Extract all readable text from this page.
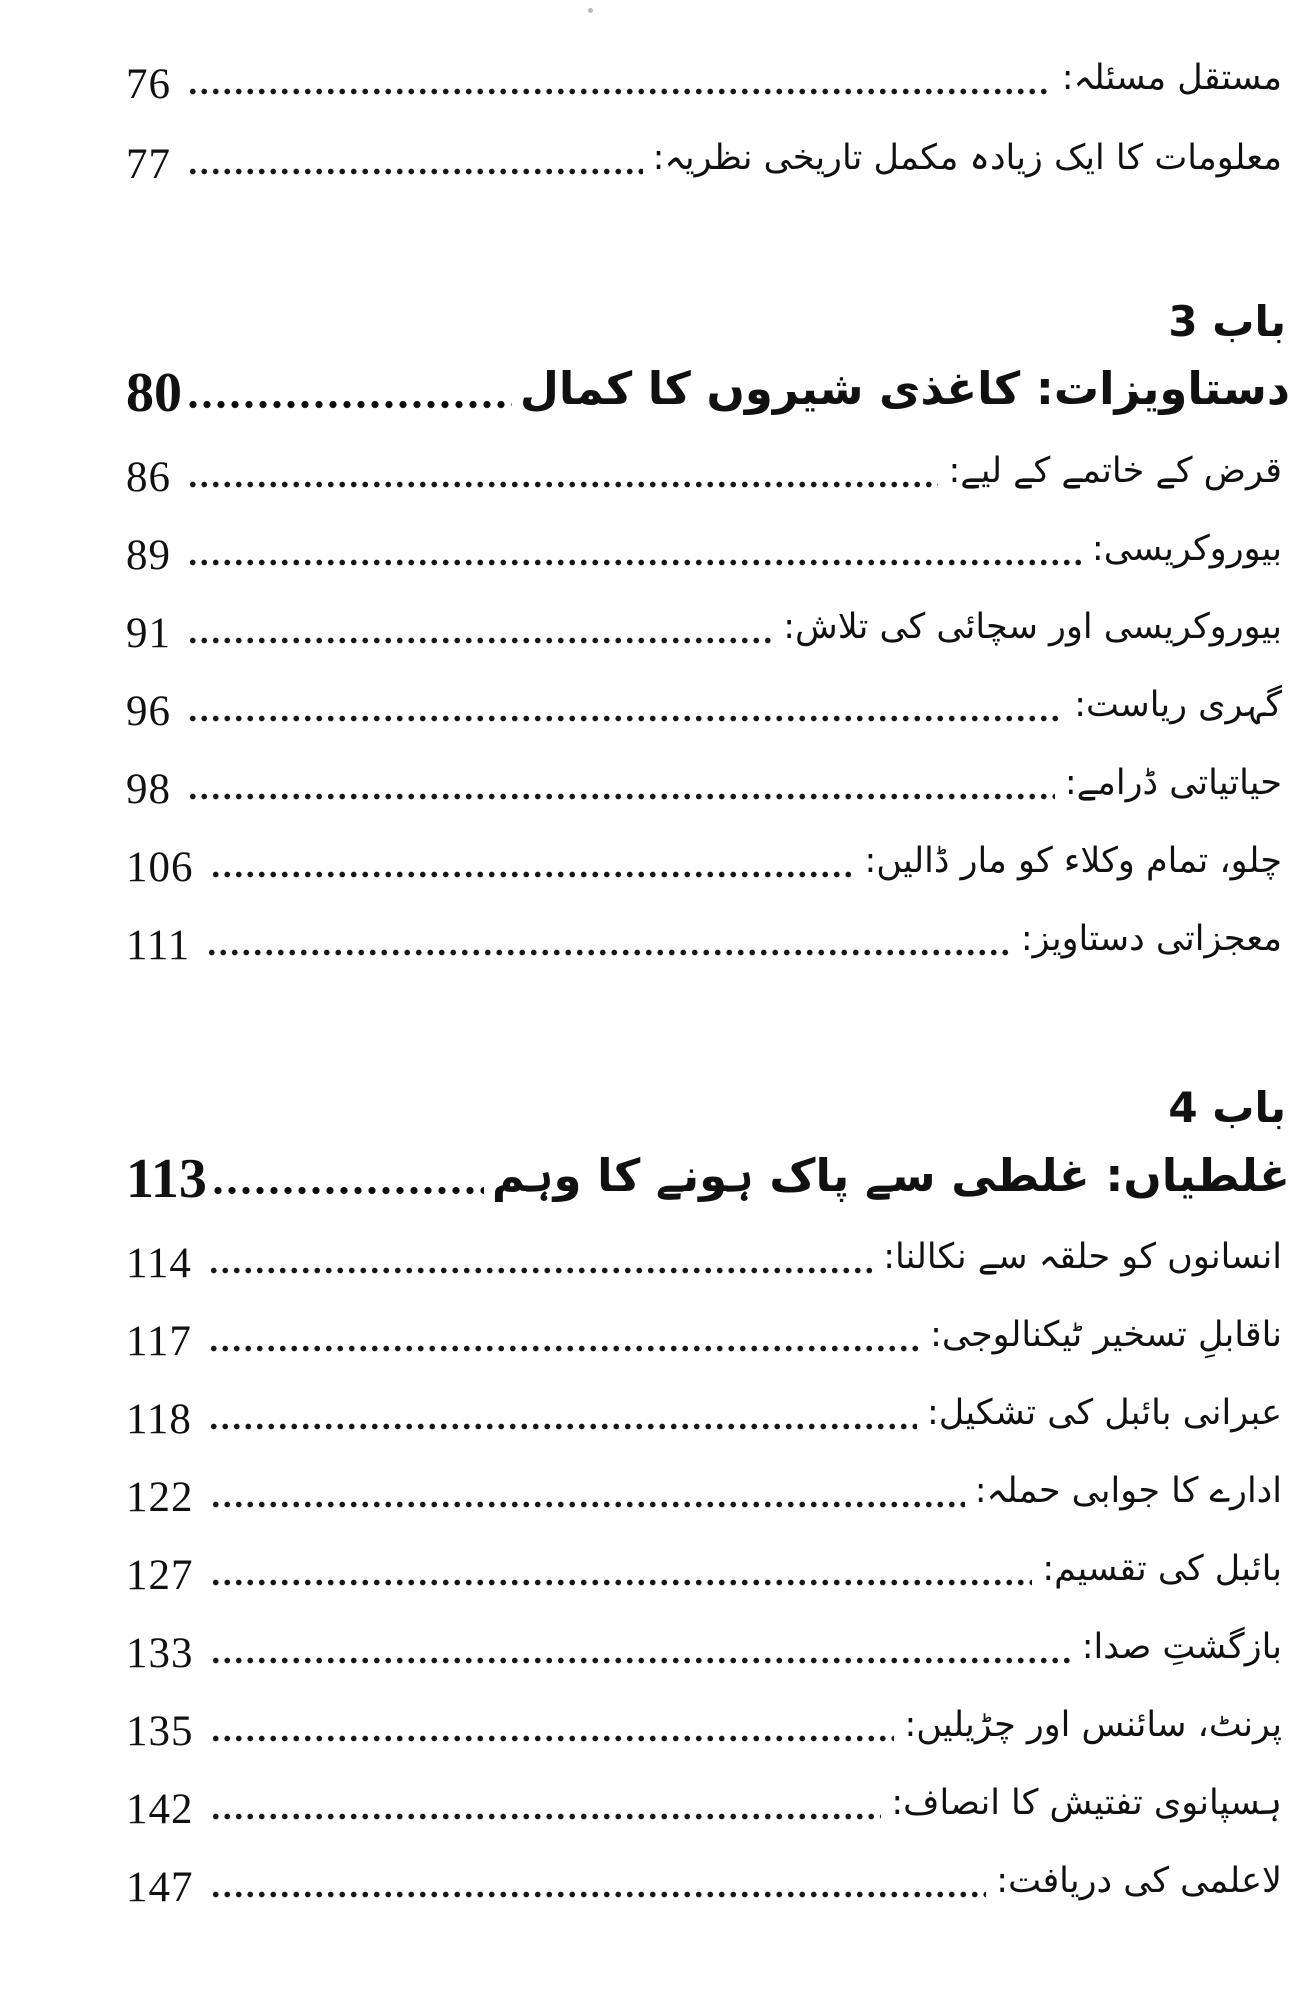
76	مستقل مسئلہ:
77	معلومات کا ایک زیادہ مکمل تاریخی نظریہ:
باب 3
80	دستاویزات: کاغذی شیروں کا کمال
86	قرض کے خاتمے کے لیے:
89	بیوروکریسی:
91	بیوروکریسی اور سچائی کی تلاش:
96	گہری ریاست:
98	حیاتیاتی ڈرامے:
106	چلو، تمام وکلاء کو مار ڈالیں:
111	معجزاتی دستاویز:
باب 4
113	غلطیاں: غلطی سے پاک ہونے کا وہم
114	انسانوں کو حلقہ سے نکالنا:
117	ناقابلِ تسخیر ٹیکنالوجی:
118	عبرانی بائبل کی تشکیل:
122	ادارے کا جوابی حملہ:
127	بائبل کی تقسیم:
133	بازگشتِ صدا:
135	پرنٹ، سائنس اور چڑیلیں:
142	ہسپانوی تفتیش کا انصاف:
147	لاعلمی کی دریافت:
